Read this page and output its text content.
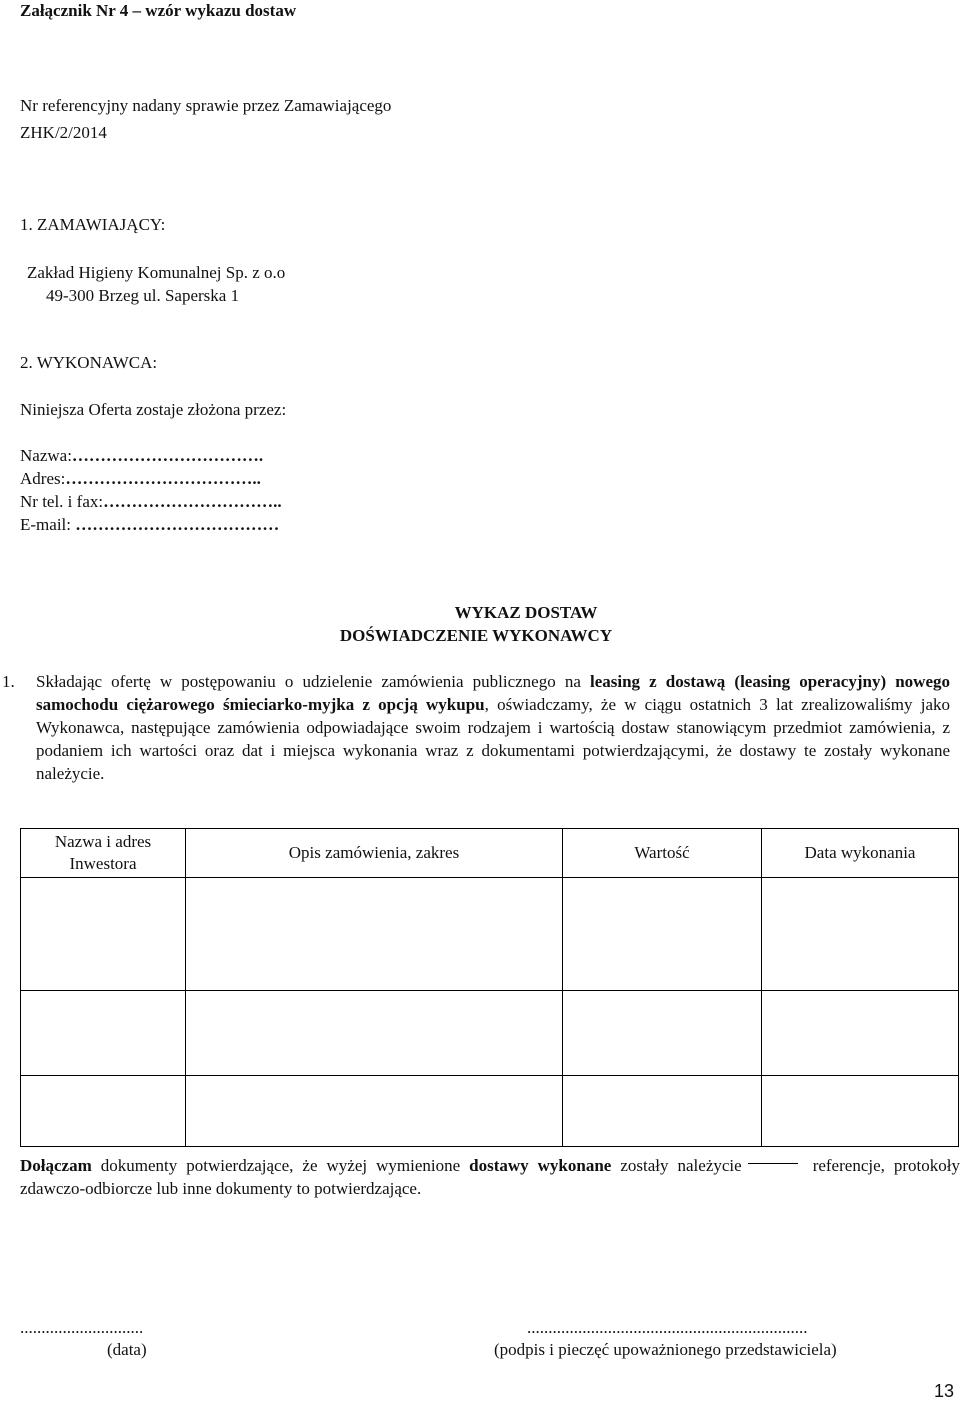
Załącznik Nr 4 – wzór wykazu dostaw
Nr referencyjny nadany sprawie przez Zamawiającego
ZHK/2/2014
1. ZAMAWIAJĄCY:
Zakład Higieny Komunalnej Sp. z o.o
49-300 Brzeg ul. Saperska 1
2. WYKONAWCA:
Niniejsza Oferta zostaje złożona przez:
Nazwa:…………………………….
Adres:……………………………..
Nr tel. i fax:…………………………..
E-mail: ………………………………
WYKAZ DOSTAW
DOŚWIADCZENIE WYKONAWCY
1. Składając ofertę w postępowaniu o udzielenie zamówienia publicznego na leasing z dostawą (leasing operacyjny) nowego samochodu ciężarowego śmieciarko-myjka z opcją wykupu, oświadczamy, że w ciągu ostatnich 3 lat zrealizowaliśmy jako Wykonawca, następujące zamówienia odpowiadające swoim rodzajem i wartością dostaw stanowiącym przedmiot zamówienia, z podaniem ich wartości oraz dat i miejsca wykonania wraz z dokumentami potwierdzającymi, że dostawy te zostały wykonane należycie.
Nazwa i adres Inwestora	Opis zamówienia, zakres	Wartość	Data wykonania

Dołączam dokumenty potwierdzające, że wyżej wymienione dostawy wykonane zostały należycie	referencje, protokoły zdawczo-odbiorcze lub inne dokumenty to potwierdzające.
.............................
(data)
..................................................................
(podpis i pieczęć upoważnionego przedstawiciela)
13
